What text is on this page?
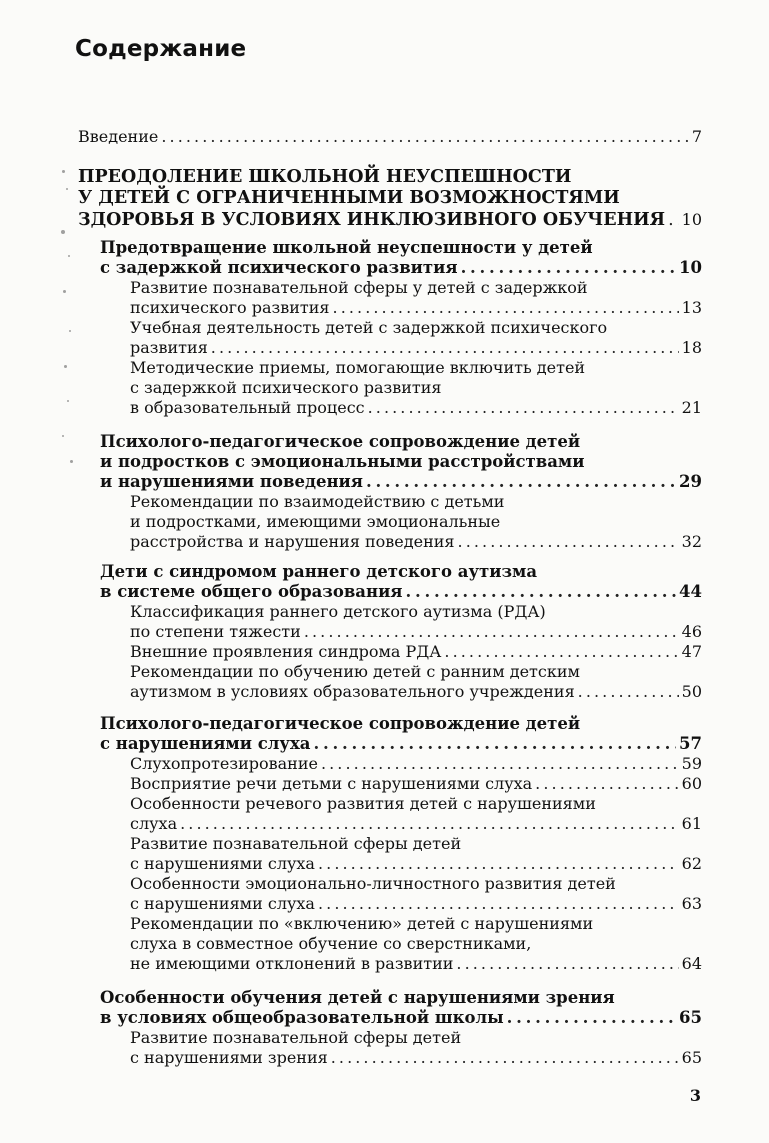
Содержание
Введение . . .	7
ПРЕОДОЛЕНИЕ ШКОЛЬНОЙ НЕУСПЕШНОСТИ
У ДЕТЕЙ С ОГРАНИЧЕННЫМИ ВОЗМОЖНОСТЯМИ
ЗДОРОВЬЯ В УСЛОВИЯХ ИНКЛЮЗИВНОГО ОБУЧЕНИЯ . . . 10
Предотвращение школьной неуспешности у детей
с задержкой психического развития . . .	10
Развитие познавательной сферы у детей с задержкой
психического развития . . .	13
Учебная деятельность детей с задержкой психического
развития . . .	18
Методические приемы, помогающие включить детей
с задержкой психического развития
в образовательный процесс . . .	21
Психолого-педагогическое сопровождение детей
и подростков с эмоциональными расстройствами
и нарушениями поведения . . .	29
Рекомендации по взаимодействию с детьми
и подростками, имеющими эмоциональные
расстройства и нарушения поведения . . .	32
Дети с синдромом раннего детского аутизма
в системе общего образования . . .	44
Классификация раннего детского аутизма (РДА)
по степени тяжести . . .	46
Внешние проявления синдрома РДА . . .	47
Рекомендации по обучению детей с ранним детским
аутизмом в условиях образовательного учреждения . . .	50
Психолого-педагогическое сопровождение детей
с нарушениями слуха . . .	57
Слухопротезирование . . .	59
Восприятие речи детьми с нарушениями слуха . . .	60
Особенности речевого развития детей с нарушениями
слуха . . .	61
Развитие познавательной сферы детей
с нарушениями слуха . . .	62
Особенности эмоционально-личностного развития детей
с нарушениями слуха . . .	63
Рекомендации по «включению» детей с нарушениями
слуха в совместное обучение со сверстниками,
не имеющими отклонений в развитии . . .	64
Особенности обучения детей с нарушениями зрения
в условиях общеобразовательной школы . . .	65
Развитие познавательной сферы детей
с нарушениями зрения . . .	65
3
